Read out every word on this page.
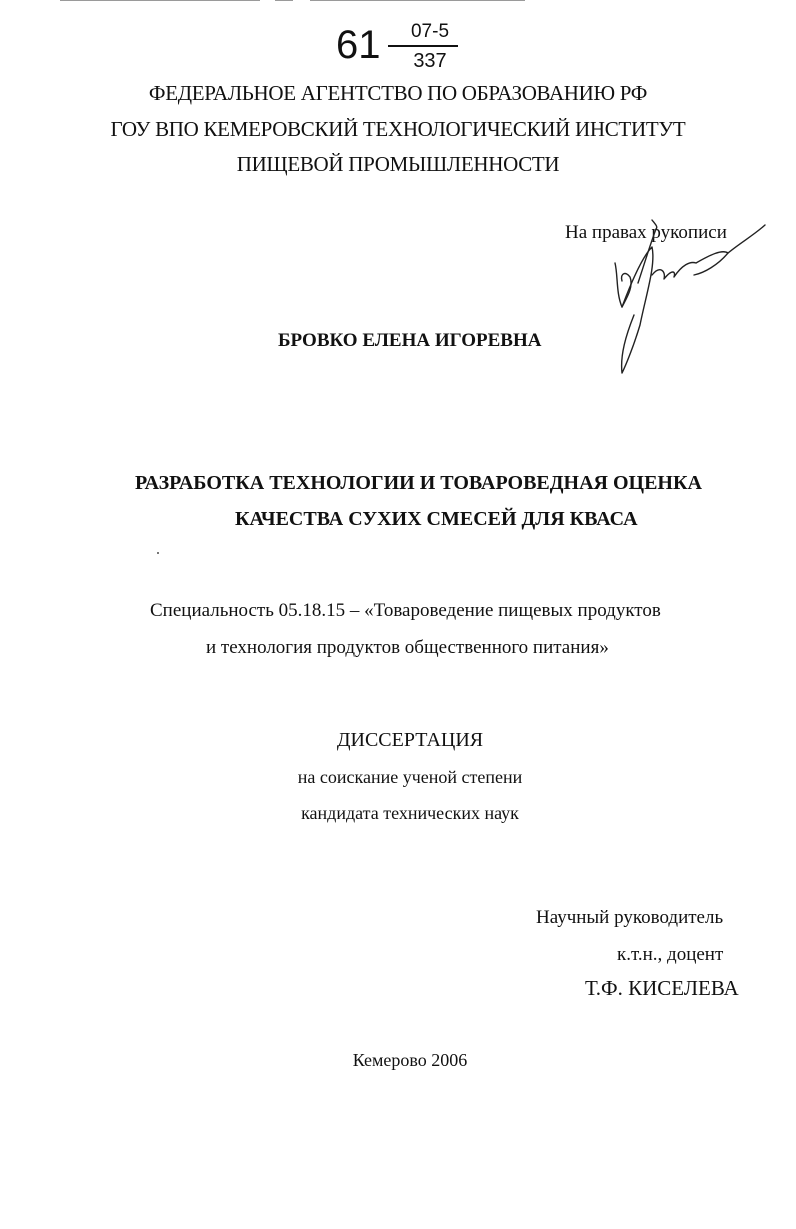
61 07-5
337
ФЕДЕРАЛЬНОЕ АГЕНТСТВО ПО ОБРАЗОВАНИЮ РФ
ГОУ ВПО КЕМЕРОВСКИЙ ТЕХНОЛОГИЧЕСКИЙ ИНСТИТУТ
ПИЩЕВОЙ ПРОМЫШЛЕННОСТИ
На правах рукописи
БРОВКО ЕЛЕНА ИГОРЕВНА
РАЗРАБОТКА ТЕХНОЛОГИИ И ТОВАРОВЕДНАЯ ОЦЕНКА
КАЧЕСТВА СУХИХ СМЕСЕЙ ДЛЯ КВАСА
Специальность 05.18.15 – «Товароведение пищевых продуктов
и технология продуктов общественного питания»
ДИССЕРТАЦИЯ
на соискание ученой степени
кандидата технических наук
Научный руководитель
к.т.н., доцент
Т.Ф. КИСЕЛЕВА
Кемерово 2006
